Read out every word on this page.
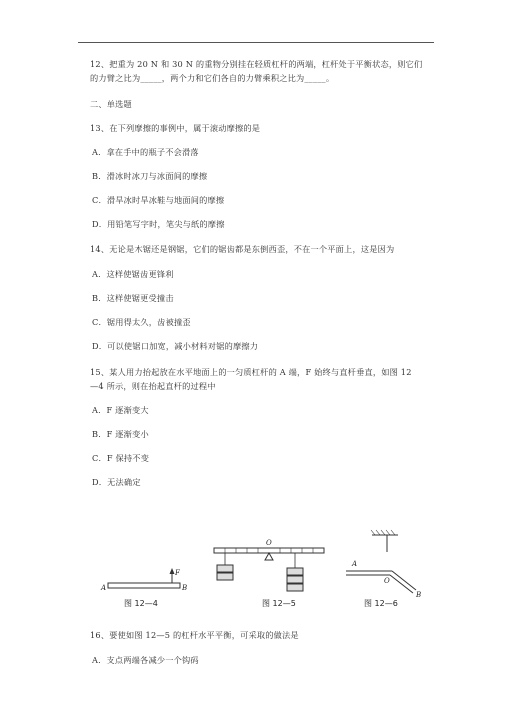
12、把重为 20 N 和 30 N 的重物分别挂在轻质杠杆的两端，杠杆处于平衡状态，则它们
的力臂之比为_____，两个力和它们各自的力臂乘积之比为_____。
二、单选题
13、在下列摩擦的事例中，属于滚动摩擦的是
A．拿在手中的瓶子不会滑落
B．滑冰时冰刀与冰面间的摩擦
C．滑旱冰时旱冰鞋与地面间的摩擦
D．用铅笔写字时，笔尖与纸的摩擦
14、无论是木锯还是钢锯，它们的锯齿都是东倒西歪，不在一个平面上，这是因为
A．这样使锯齿更锋利
B．这样使锯更受撞击
C．锯用得太久，齿被撞歪
D．可以使锯口加宽，减小材料对锯的摩擦力
15、某人用力抬起放在水平地面上的一匀质杠杆的 A 端，F 始终与直杆垂直，如图 12
—4 所示，则在抬起直杆的过程中
A．F 逐渐变大
B．F 逐渐变小
C．F 保持不变
D．无法确定
A	B
F
图 12—4
O
图 12—5
A
O
B
图 12—6
16、要使如图 12—5 的杠杆水平平衡，可采取的做法是
A．支点两端各减少一个钩码
